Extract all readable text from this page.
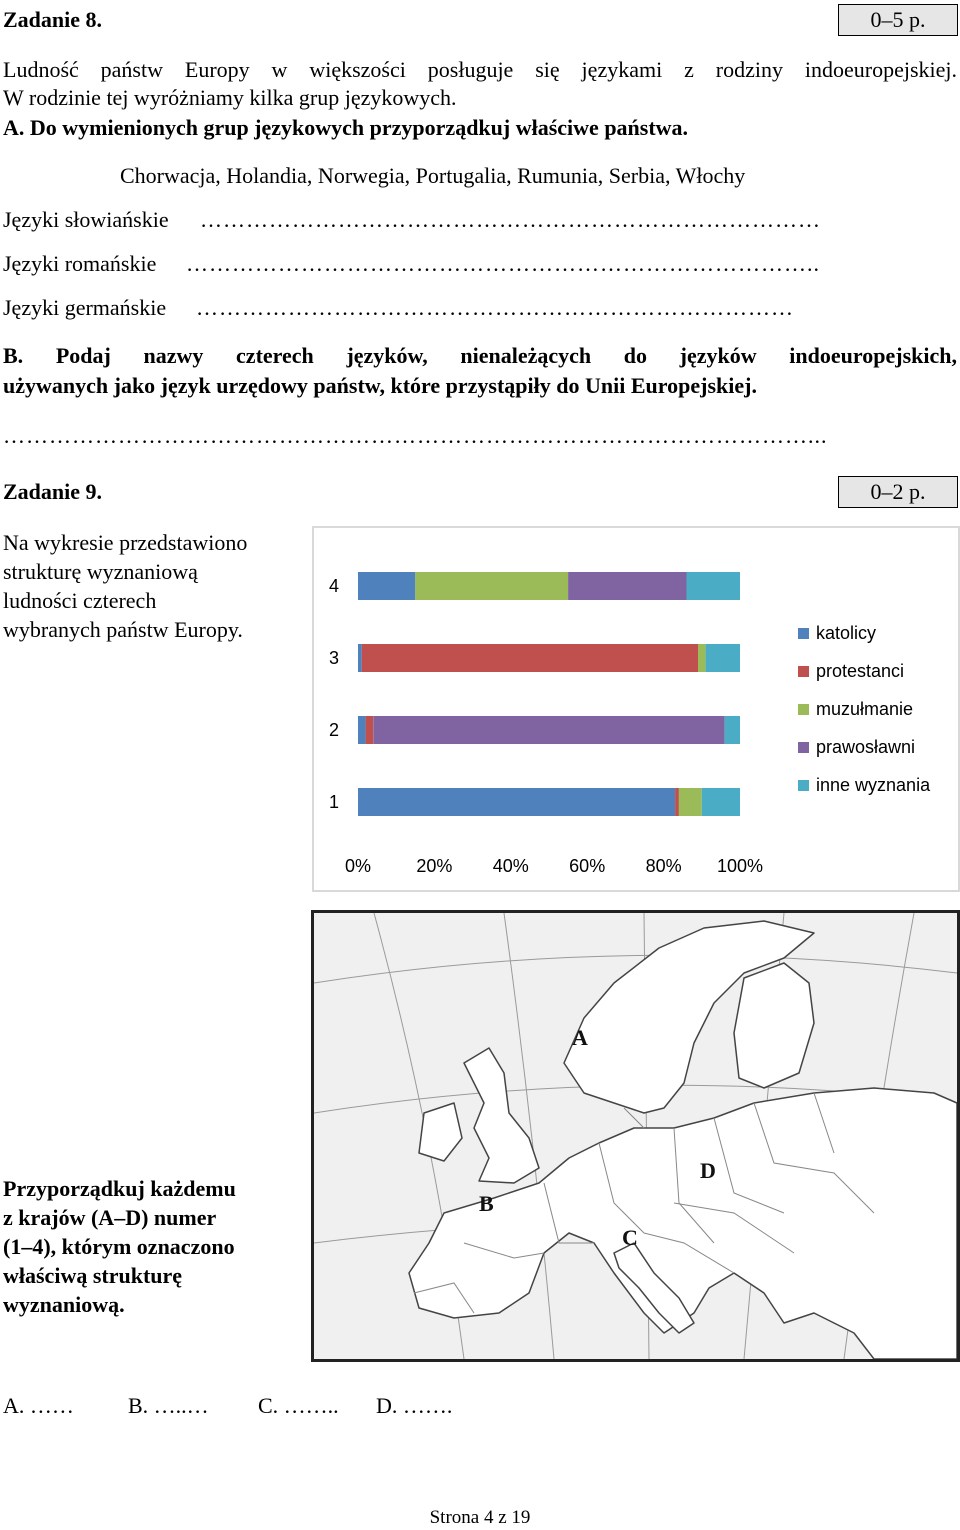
Zadanie 8.	0–5 p.
Ludność państw Europy w większości posługuje się językami z rodziny indoeuropejskiej.
W rodzinie tej wyróżniamy kilka grup językowych.
A. Do wymienionych grup językowych przyporządkuj właściwe państwa.
Chorwacja, Holandia, Norwegia, Portugalia, Rumunia, Serbia, Włochy
Języki słowiańskie ………………………………………………………………………
Języki romańskie ………………………………………………………………………..
Języki germańskie ……………………………………………………………………
B. Podaj nazwy czterech języków, nienależących do języków indoeuropejskich,
używanych jako język urzędowy państw, które przystąpiły do Unii Europejskiej.
……………………………………………………………………………………………...
Zadanie 9.	0–2 p.
Na wykresie przedstawiono
strukturę wyznaniową
ludności czterech
wybranych państw Europy.
1
2
3
4
0%	20% 40% 60% 80% 100%
katolicy
protestanci
muzułmanie
prawosławni
inne wyznania
A
B
C
D
Przyporządkuj każdemu
z krajów (A–D) numer
(1–4), którym oznaczono
właściwą strukturę
wyznaniową.
A. …… B. …..… C. …….. D. …….
Strona 4 z 19
